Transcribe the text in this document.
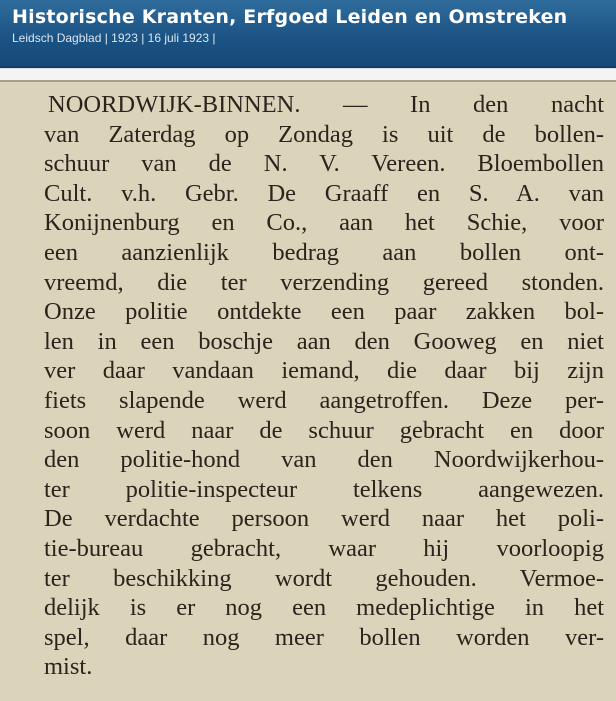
Historische Kranten, Erfgoed Leiden en Omstreken
Leidsch Dagblad | 1923 | 16 juli 1923 |
NOORDWIJK-BINNEN. — In den nacht
van Zaterdag op Zondag is uit de bollen-
schuur van de N. V. Vereen. Bloembollen
Cult. v.h. Gebr. De Graaff en S. A. van
Konijnenburg en Co., aan het Schie, voor
een aanzienlijk bedrag aan bollen ont-
vreemd, die ter verzending gereed stonden.
Onze politie ontdekte een paar zakken bol-
len in een boschje aan den Gooweg en niet
ver daar vandaan iemand, die daar bij zijn
fiets slapende werd aangetroffen. Deze per-
soon werd naar de schuur gebracht en door
den politie-hond van den Noordwijkerhou-
ter politie-inspecteur telkens aangewezen.
De verdachte persoon werd naar het poli-
tie-bureau gebracht, waar hij voorloopig
ter beschikking wordt gehouden. Vermoe-
delijk is er nog een medeplichtige in het
spel, daar nog meer bollen worden ver-
mist.
